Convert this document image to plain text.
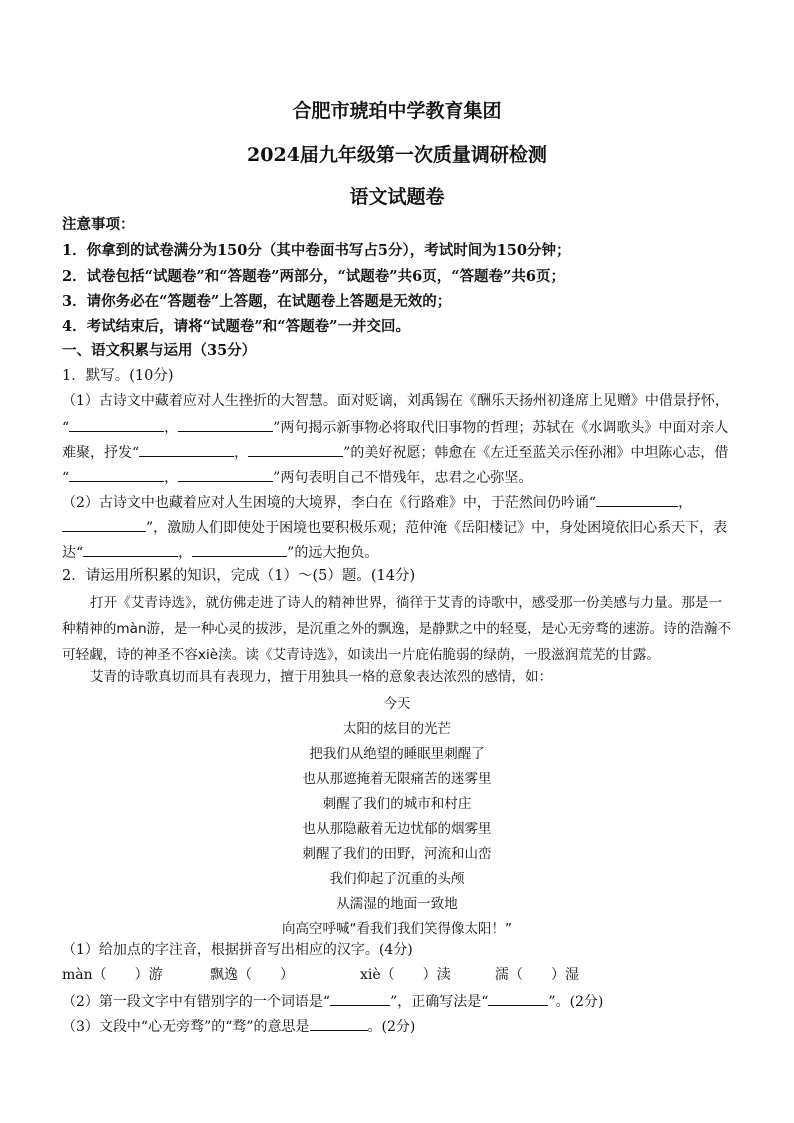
合肥市琥珀中学教育集团
2024届九年级第一次质量调研检测
语文试题卷
注意事项：
1．你拿到的试卷满分为150分（其中卷面书写占5分），考试时间为150分钟；
2．试卷包括“试题卷”和“答题卷”两部分，“试题卷”共6页，“答题卷”共6页；
3．请你务必在“答题卷”上答题，在试题卷上答题是无效的；
4．考试结束后，请将“试题卷”和“答题卷”一并交回。
一、语文积累与运用（35分）
1．默写。(10分)
（1）古诗文中藏着应对人生挫折的大智慧。面对贬谪，刘禹锡在《酬乐天扬州初逢席上见赠》中借景抒怀，
“	，	”两句揭示新事物必将取代旧事物的哲理；苏轼在《水调歌头》中面对亲人
难聚，抒发“	，	”的美好祝愿；韩愈在《左迁至蓝关示侄孙湘》中坦陈心志，借
“	，	”两句表明自己不惜残年，忠君之心弥坚。
（2）古诗文中也藏着应对人生困境的大境界，李白在《行路难》中，于茫然间仍吟诵“	，
”，激励人们即使处于困境也要积极乐观；范仲淹《岳阳楼记》中，身处困境依旧心系天下，表
达“	，	”的远大抱负。
2．请运用所积累的知识，完成（1）～(5）题。(14分)
打开《艾青诗选》，就仿佛走进了诗人的精神世界，徜徉于艾青的诗歌中，感受那一份美感与力量。那是一种精神的màn游，是一种心灵的拔涉，是沉重之外的飘逸，是静默之中的轻戛，是心无旁骛的速游。诗的浩瀚不可轻觑，诗的神圣不容xiè渎。读《艾青诗选》，如读出一片庇佑脆弱的绿荫，一股滋润荒芜的甘露。
艾青的诗歌真切而具有表现力，擅于用独具一格的意象表达浓烈的感情，如：
今天
太阳的炫目的光芒
把我们从绝望的睡眠里刺醒了
也从那遮掩着无限痛苦的迷雾里
刺醒了我们的城市和村庄
也从那隐蔽着无边忧郁的烟雾里
刺醒了我们的田野，河流和山峦
我们仰起了沉重的头颅
从濡湿的地面一致地
向高空呼喊“看我们我们笑得像太阳！”
（1）给加点的字注音，根据拼音写出相应的汉字。(4分)
màn（　　）游	飘逸（　　）	xiè（　　）渎	濡（　　）湿
（2）第一段文字中有错别字的一个词语是“	”，正确写法是“	”。(2分)
（3）文段中“心无旁骛”的“骛”的意思是	。(2分)
